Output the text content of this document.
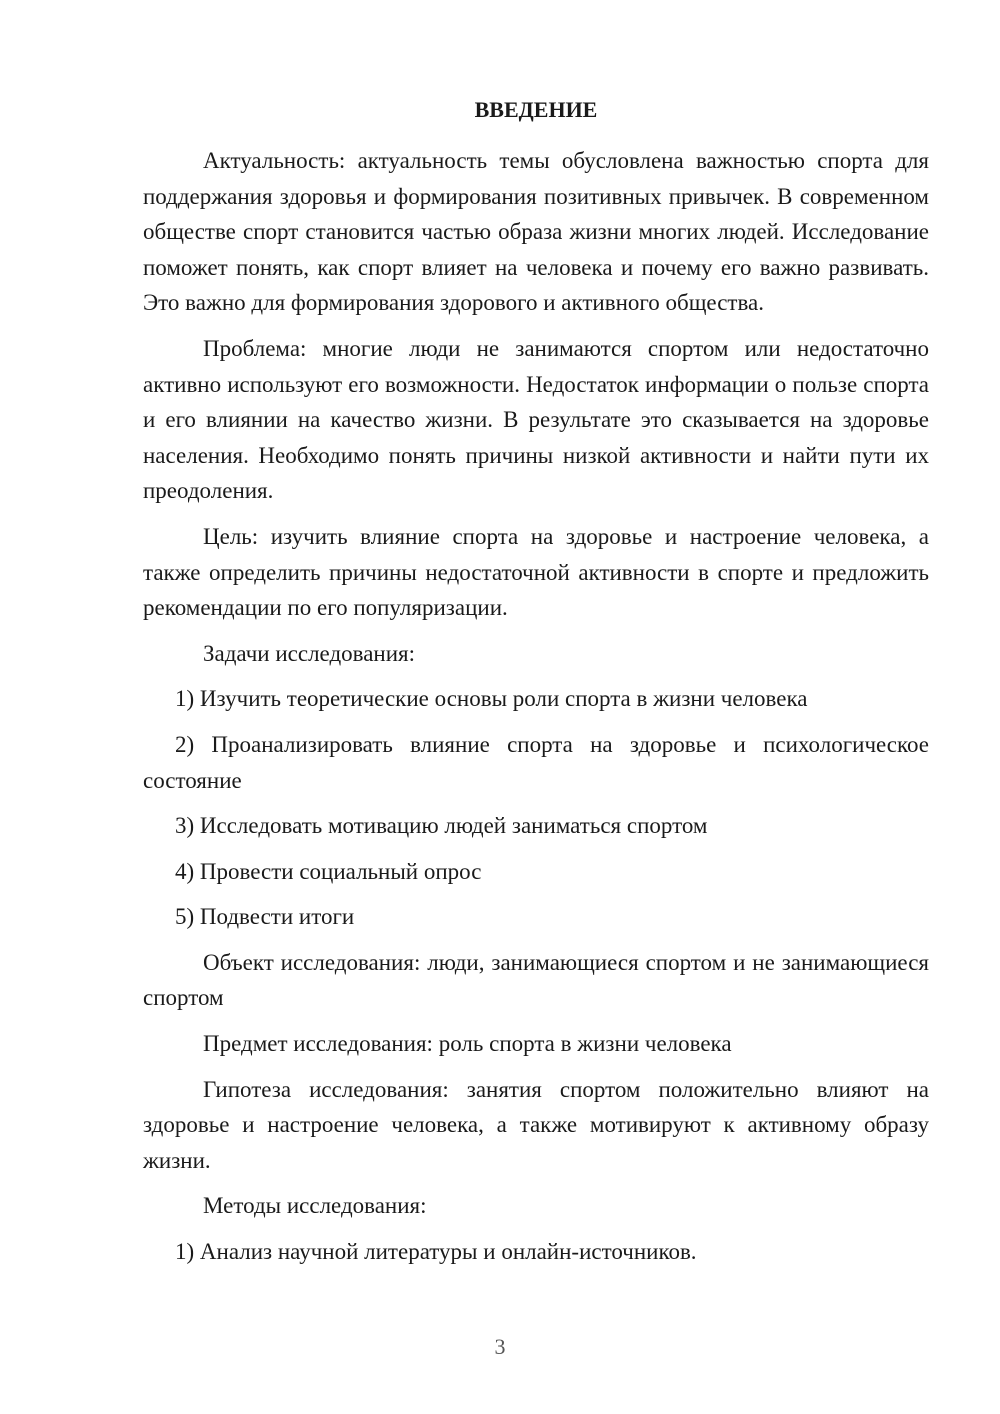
ВВЕДЕНИЕ

Актуальность: актуальность темы обусловлена важностью спорта для поддержания здоровья и формирования позитивных привычек. В современном обществе спорт становится частью образа жизни многих людей. Исследование поможет понять, как спорт влияет на человека и почему его важно развивать. Это важно для формирования здорового и активного общества.

Проблема: многие люди не занимаются спортом или недостаточно активно используют его возможности. Недостаток информации о пользе спорта и его влиянии на качество жизни. В результате это сказывается на здоровье населения. Необходимо понять причины низкой активности и найти пути их преодоления.

Цель: изучить влияние спорта на здоровье и настроение человека, а также определить причины недостаточной активности в спорте и предложить рекомендации по его популяризации.

Задачи исследования:

1) Изучить теоретические основы роли спорта в жизни человека

2) Проанализировать влияние спорта на здоровье и психологическое состояние

3) Исследовать мотивацию людей заниматься спортом

4) Провести социальный опрос

5) Подвести итоги

Объект исследования: люди, занимающиеся спортом и не занимающиеся спортом

Предмет исследования: роль спорта в жизни человека

Гипотеза исследования: занятия спортом положительно влияют на здоровье и настроение человека, а также мотивируют к активному образу жизни.

Методы исследования:

1) Анализ научной литературы и онлайн-источников.

3
